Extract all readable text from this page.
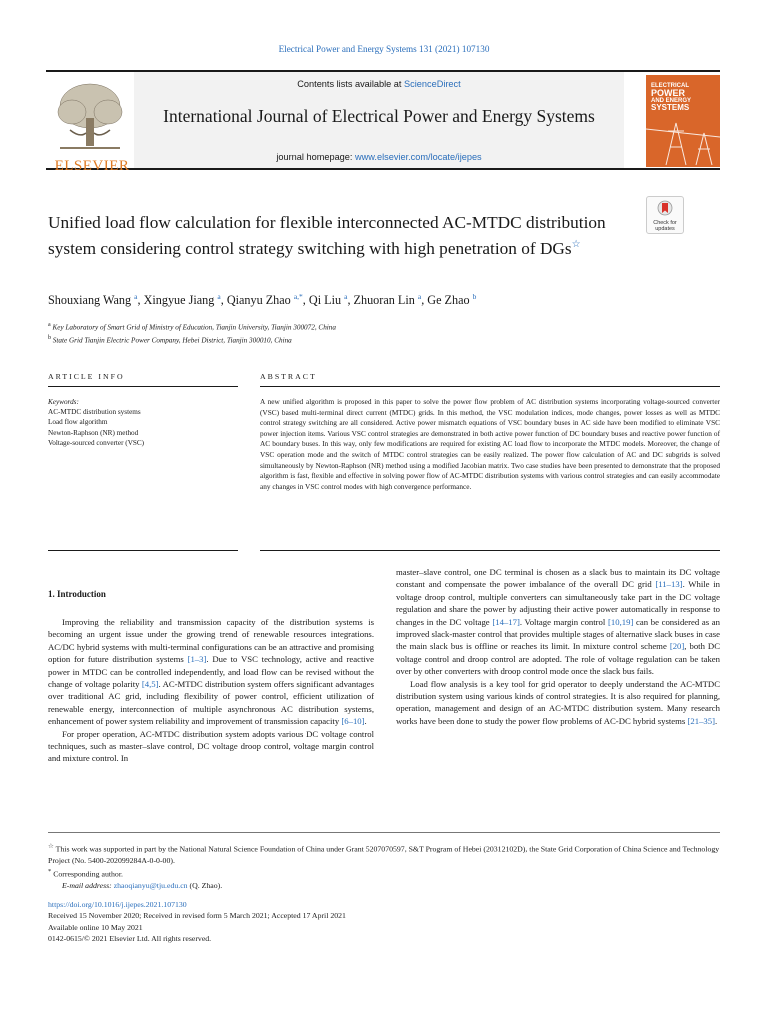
Electrical Power and Energy Systems 131 (2021) 107130
ELSEVIER
Contents lists available at ScienceDirect
International Journal of Electrical Power and Energy Systems
journal homepage: www.elsevier.com/locate/ijepes
ELECTRICAL
POWER
AND ENERGY
SYSTEMS
Unified load flow calculation for flexible interconnected AC-MTDC distribution system considering control strategy switching with high penetration of DGs☆
Check for
updates
Shouxiang Wang $^a$, Xingyue Jiang $^a$, Qianyu Zhao $^{a,*}$, Qi Liu $^a$, Zhuoran Lin $^a$, Ge Zhao $^b$
$^a$ Key Laboratory of Smart Grid of Ministry of Education, Tianjin University, Tianjin 300072, China
$^b$ State Grid Tianjin Electric Power Company, Hebei District, Tianjin 300010, China
ARTICLE INFO	ABSTRACT
Keywords:
AC-MTDC distribution systems
Load flow algorithm
Newton-Raphson (NR) method
Voltage-sourced converter (VSC)
A new unified algorithm is proposed in this paper to solve the power flow problem of AC distribution systems incorporating voltage-sourced converter (VSC) based multi-terminal direct current (MTDC) grids. In this method, the VSC modulation indices, mode changes, power losses as well as MTDC control strategy switching are all considered. Active power mismatch equations of VSC boundary buses in AC side have been modified to eliminate VSC power injection items. Various VSC control strategies are demonstrated in both active power function of DC boundary buses and reactive power function of AC boundary buses. In this way, only few modifications are required for existing AC load flow to incorporate the MTDC models. Moreover, the change of VSC operation mode and the switch of MTDC control strategies can be easily realized. The power flow calculation of AC and DC subgrids is solved simultaneously by Newton-Raphson (NR) method using a modified Jacobian matrix. Two case studies have been presented to demonstrate that the proposed algorithm is fast, flexible and effective in solving power flow of AC-MTDC distribution systems with various control strategies and can easily accommodate any changes in VSC control modes with high convergence performance.
1. Introduction

Improving the reliability and transmission capacity of the distribution systems is becoming an urgent issue under the growing trend of renewable resources integrations. AC/DC hybrid systems with multi-terminal configurations can be an attractive and promising option for future distribution systems [1–3]. Due to VSC technology, active and reactive power in MTDC can be controlled independently, and load flow can be revised without the change of voltage polarity [4,5]. AC-MTDC distribution system offers significant advantages over traditional AC grid, including flexibility of power control, efficient utilization of renewable energy, interconnection of multiple asynchronous AC distribution systems, enhancement of power system reliability and improvement of transmission capacity [6–10].

For proper operation, AC-MTDC distribution system adopts various DC voltage control techniques, such as master–slave control, DC voltage droop control, voltage margin control and mixture control. In

master–slave control, one DC terminal is chosen as a slack bus to maintain its DC voltage constant and compensate the power imbalance of the overall DC grid [11–13]. While in voltage droop control, multiple converters can simultaneously take part in the DC voltage regulation and share the power by adjusting their active power automatically in response to changes in the DC voltage [14–17]. Voltage margin control [10,19] can be considered as an improved slack-master control that provides multiple stages of alternative slack buses in case the main slack bus is offline or reaches its limit. In mixture control scheme [20], both DC voltage control and droop control are adopted. The role of voltage regulation can be taken over by other converters with droop control mode once the slack bus fails.

Load flow analysis is a key tool for grid operator to deeply understand the AC-MTDC distribution system using various kinds of control strategies. It is also required for planning, operation, management and design of an AC-MTDC distribution system. Many research works have been done to study the power flow problems of AC-DC hybrid systems [21–35].

☆ This work was supported in part by the National Natural Science Foundation of China under Grant 5207070597, S&T Program of Hebei (20312102D), the State Grid Corporation of China Science and Technology Project (No. 5400-202099284A-0-0-00).
* Corresponding author.
E-mail address: zhaoqianyu@tju.edu.cn (Q. Zhao).
https://doi.org/10.1016/j.ijepes.2021.107130
Received 15 November 2020; Received in revised form 5 March 2021; Accepted 17 April 2021
Available online 10 May 2021
0142-0615/© 2021 Elsevier Ltd. All rights reserved.
